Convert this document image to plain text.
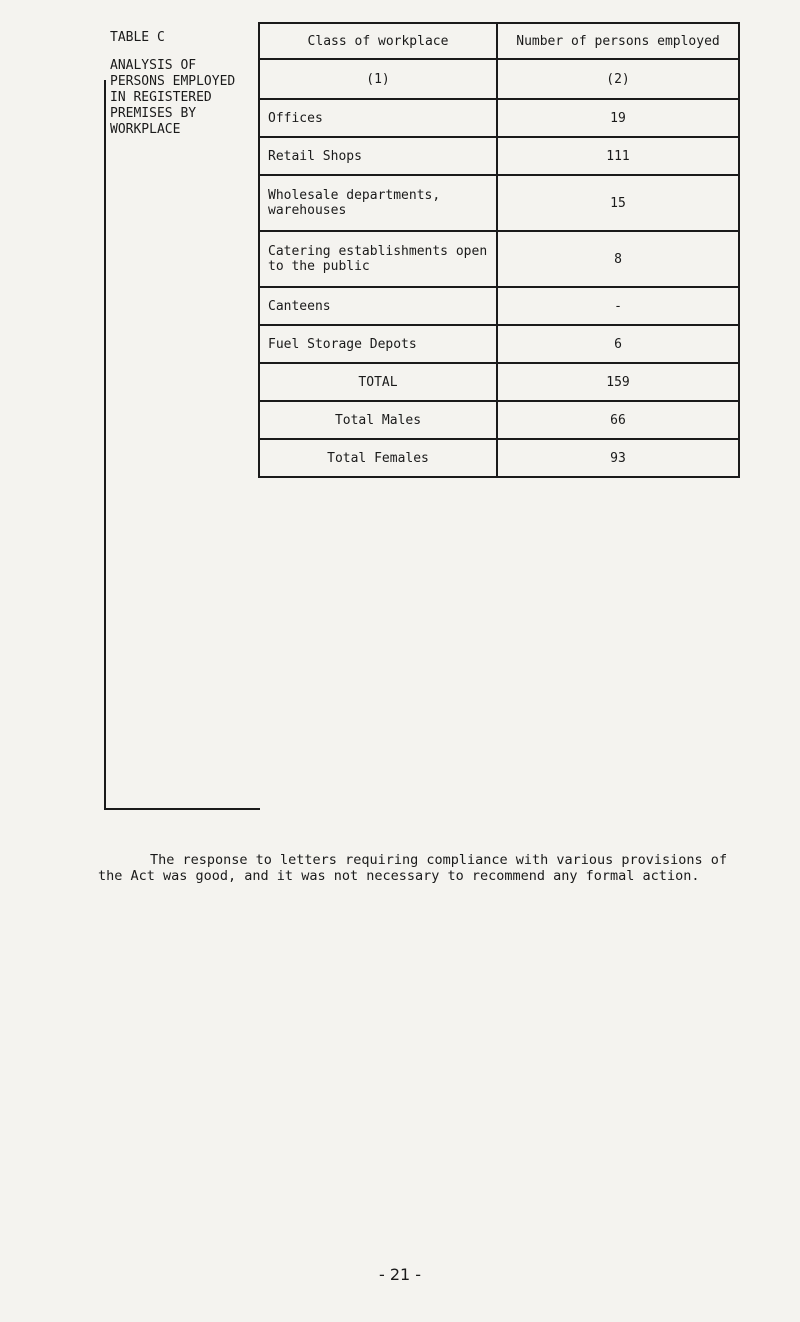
TABLE C
ANALYSIS OF
PERSONS EMPLOYED
IN REGISTERED
PREMISES BY
WORKPLACE
Class of workplace	Number of persons employed
(1)	(2)
Offices	19
Retail Shops	111
Wholesale departments, warehouses	15
Catering establishments open to the public	8
Canteens	-
Fuel Storage Depots	6
TOTAL	159
Total Males	66
Total Females	93

The response to letters requiring compliance with various provisions of the Act was good, and it was not necessary to recommend any formal action.

- 21 -
